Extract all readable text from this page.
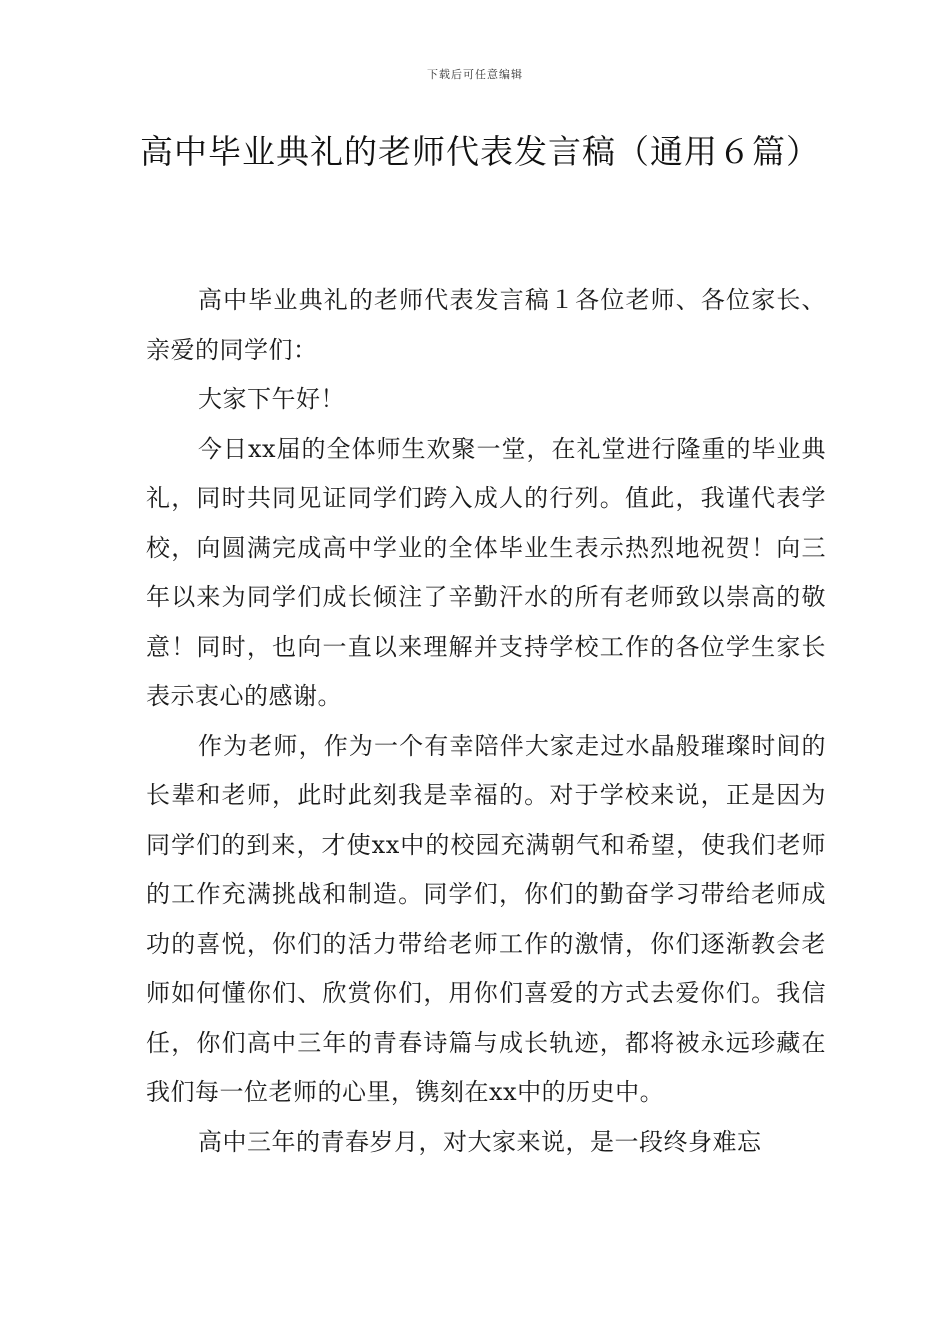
下载后可任意编辑
高中毕业典礼的老师代表发言稿（通用６篇）

高中毕业典礼的老师代表发言稿１各位老师、各位家长、亲爱的同学们：

大家下午好！

今日xx届的全体师生欢聚一堂，在礼堂进行隆重的毕业典礼，同时共同见证同学们跨入成人的行列。值此，我谨代表学校，向圆满完成高中学业的全体毕业生表示热烈地祝贺！向三年以来为同学们成长倾注了辛勤汗水的所有老师致以崇高的敬意！同时，也向一直以来理解并支持学校工作的各位学生家长表示衷心的感谢。

作为老师，作为一个有幸陪伴大家走过水晶般璀璨时间的长辈和老师，此时此刻我是幸福的。对于学校来说，正是因为同学们的到来，才使xx中的校园充满朝气和希望，使我们老师的工作充满挑战和制造。同学们，你们的勤奋学习带给老师成功的喜悦，你们的活力带给老师工作的激情，你们逐渐教会老师如何懂你们、欣赏你们，用你们喜爱的方式去爱你们。我信任，你们高中三年的青春诗篇与成长轨迹，都将被永远珍藏在我们每一位老师的心里，镌刻在xx中的历史中。

高中三年的青春岁月，对大家来说，是一段终身难忘
